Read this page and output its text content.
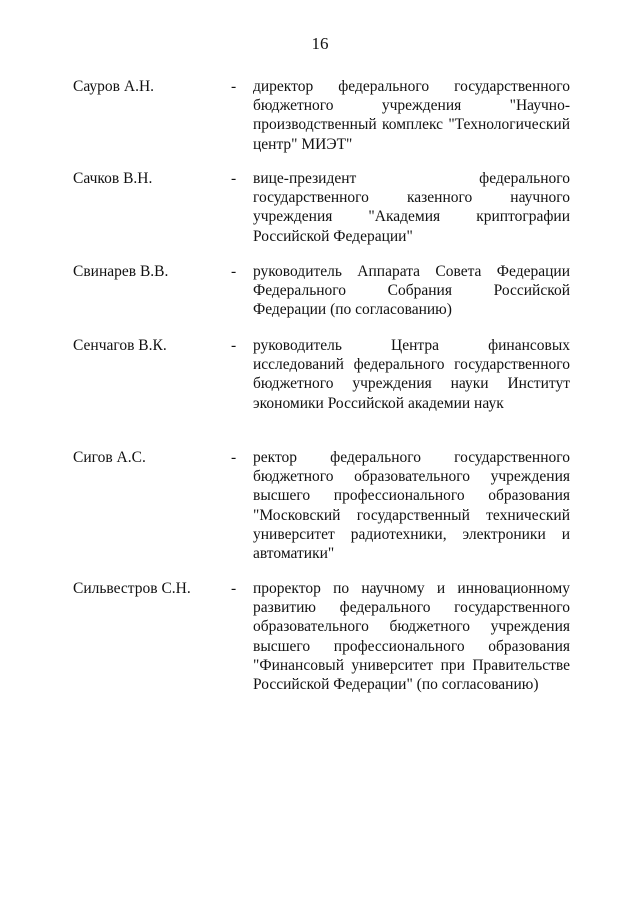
16
Сауров А.Н.	- директор федерального государственного бюджетного учреждения "Научно-производственный комплекс "Технологический центр" МИЭТ"
Сачков В.Н.	- вице-президент федерального государственного казенного научного учреждения "Академия криптографии Российской Федерации"
Свинарев В.В.	- руководитель Аппарата Совета Федерации Федерального Собрания Российской Федерации (по согласованию)
Сенчагов В.К.	- руководитель Центра финансовых исследований федерального государственного бюджетного учреждения науки Институт экономики Российской академии наук
Сигов А.С.	- ректор федерального государственного бюджетного образовательного учреждения высшего профессионального образования "Московский государственный технический университет радиотехники, электроники и автоматики"
Сильвестров С.Н.	- проректор по научному и инновационному развитию федерального государственного образовательного бюджетного учреждения высшего профессионального образования "Финансовый университет при Правительстве Российской Федерации" (по согласованию)
